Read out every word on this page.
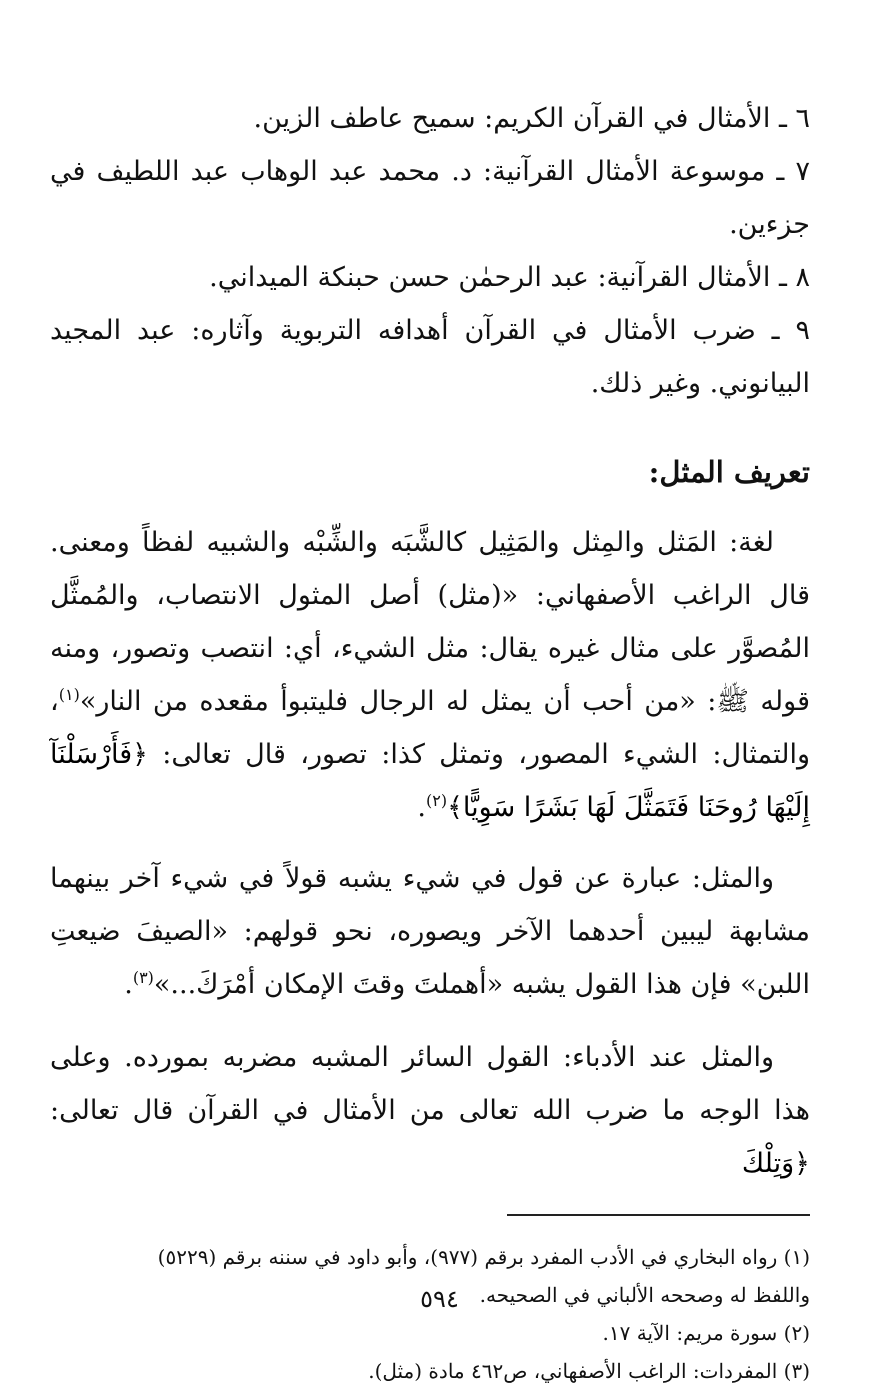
٦ ـ الأمثال في القرآن الكريم: سميح عاطف الزين.

٧ ـ موسوعة الأمثال القرآنية: د. محمد عبد الوهاب عبد اللطيف في جزءين.

٨ ـ الأمثال القرآنية: عبد الرحمٰن حسن حبنكة الميداني.

٩ ـ ضرب الأمثال في القرآن أهدافه التربوية وآثاره: عبد المجيد البيانوني. وغير ذلك.

تعريف المثل:

لغة: المَثل والمِثل والمَثِيل كالشَّبَه والشِّبْه والشبيه لفظاً ومعنى. قال الراغب الأصفهاني: «(مثل) أصل المثول الانتصاب، والمُمثَّل المُصوَّر على مثال غيره يقال: مثل الشيء، أي: انتصب وتصور، ومنه قوله ﷺ: «من أحب أن يمثل له الرجال فليتبوأ مقعده من النار»$^{(١)}$، والتمثال: الشيء المصور، وتمثل كذا: تصور، قال تعالى: ﴿فَأَرْسَلْنَآ إِلَيْهَا رُوحَنَا فَتَمَثَّلَ لَهَا بَشَرًا سَوِيًّا﴾$^{(٢)}$.

والمثل: عبارة عن قول في شيء يشبه قولاً في شيء آخر بينهما مشابهة ليبين أحدهما الآخر ويصوره، نحو قولهم: «الصيفَ ضيعتِ اللبن» فإن هذا القول يشبه «أهملتَ وقتَ الإمكان أمْرَكَ...»$^{(٣)}$.

والمثل عند الأدباء: القول السائر المشبه مضربه بمورده. وعلى هذا الوجه ما ضرب الله تعالى من الأمثال في القرآن قال تعالى: ﴿وَتِلْكَ

(١) رواه البخاري في الأدب المفرد برقم (٩٧٧)، وأبو داود في سننه برقم (٥٢٢٩)

واللفظ له وصححه الألباني في الصحيحه.

(٢) سورة مريم: الآية ١٧.

(٣) المفردات: الراغب الأصفهاني، ص٤٦٢ مادة (مثل).

٥٩٤
